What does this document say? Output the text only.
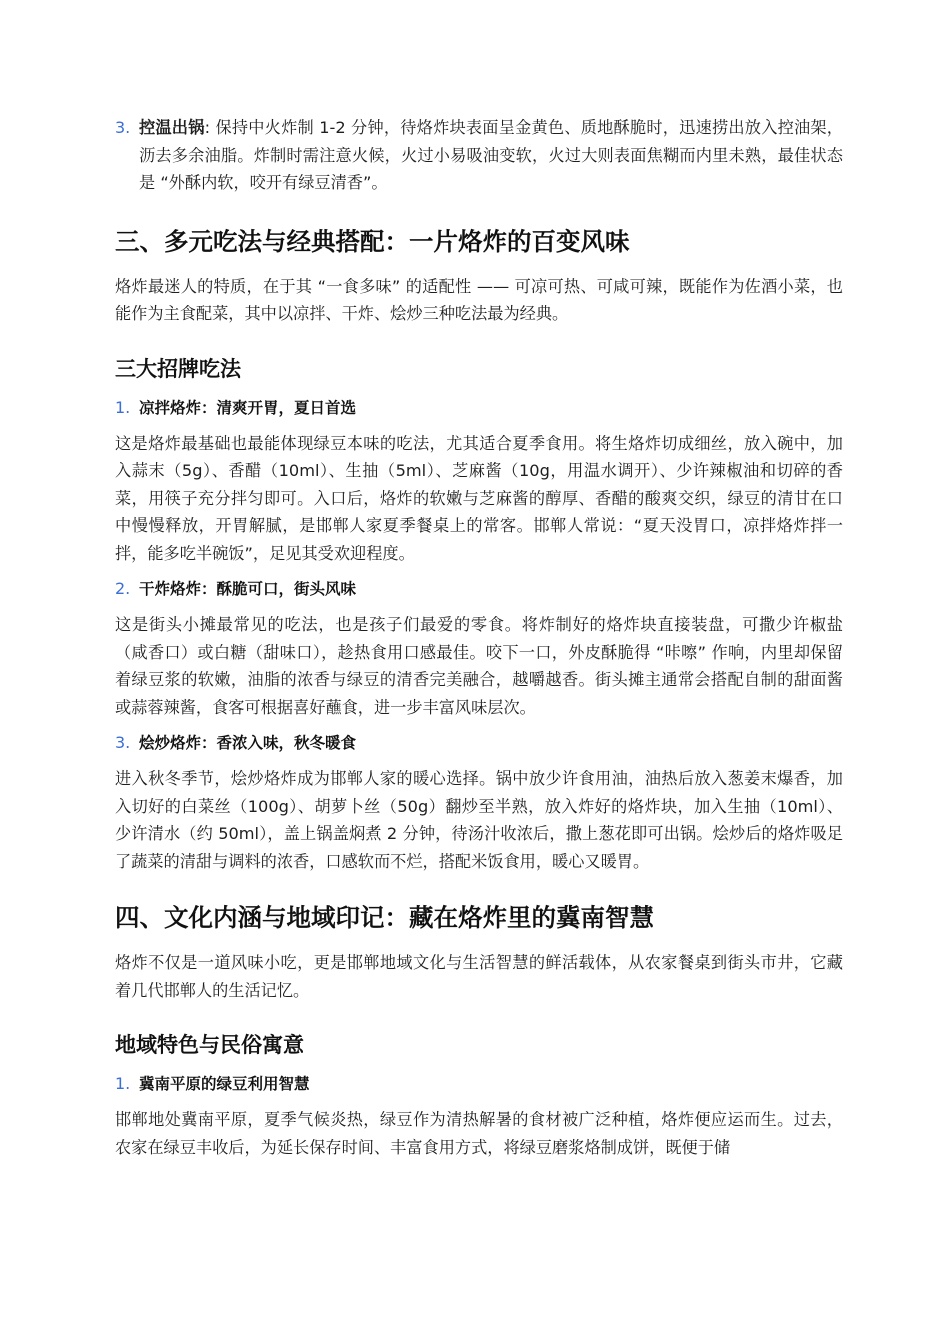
3. 控温出锅: 保持中火炸制 1-2 分钟，待烙炸块表面呈金黄色、质地酥脆时，迅速捞出放入控油架，沥去多余油脂。炸制时需注意火候，火过小易吸油变软，火过大则表面焦糊而内里未熟，最佳状态是 “外酥内软，咬开有绿豆清香”。

三、多元吃法与经典搭配：一片烙炸的百变风味

烙炸最迷人的特质，在于其 “一食多味” 的适配性 —— 可凉可热、可咸可辣，既能作为佐酒小菜，也能作为主食配菜，其中以凉拌、干炸、烩炒三种吃法最为经典。

三大招牌吃法
1. 凉拌烙炸：清爽开胃，夏日首选

这是烙炸最基础也最能体现绿豆本味的吃法，尤其适合夏季食用。将生烙炸切成细丝，放入碗中，加入蒜末（5g）、香醋（10ml）、生抽（5ml）、芝麻酱（10g，用温水调开）、少许辣椒油和切碎的香菜，用筷子充分拌匀即可。入口后，烙炸的软嫩与芝麻酱的醇厚、香醋的酸爽交织，绿豆的清甘在口中慢慢释放，开胃解腻，是邯郸人家夏季餐桌上的常客。邯郸人常说：“夏天没胃口，凉拌烙炸拌一拌，能多吃半碗饭”，足见其受欢迎程度。

2. 干炸烙炸：酥脆可口，街头风味

这是街头小摊最常见的吃法，也是孩子们最爱的零食。将炸制好的烙炸块直接装盘，可撒少许椒盐（咸香口）或白糖（甜味口），趁热食用口感最佳。咬下一口，外皮酥脆得 “咔嚓” 作响，内里却保留着绿豆浆的软嫩，油脂的浓香与绿豆的清香完美融合，越嚼越香。街头摊主通常会搭配自制的甜面酱或蒜蓉辣酱，食客可根据喜好蘸食，进一步丰富风味层次。

3. 烩炒烙炸：香浓入味，秋冬暖食

进入秋冬季节，烩炒烙炸成为邯郸人家的暖心选择。锅中放少许食用油，油热后放入葱姜末爆香，加入切好的白菜丝（100g）、胡萝卜丝（50g）翻炒至半熟，放入炸好的烙炸块，加入生抽（10ml）、少许清水（约 50ml），盖上锅盖焖煮 2 分钟，待汤汁收浓后，撒上葱花即可出锅。烩炒后的烙炸吸足了蔬菜的清甜与调料的浓香，口感软而不烂，搭配米饭食用，暖心又暖胃。

四、文化内涵与地域印记：藏在烙炸里的冀南智慧

烙炸不仅是一道风味小吃，更是邯郸地域文化与生活智慧的鲜活载体，从农家餐桌到街头市井，它藏着几代邯郸人的生活记忆。

地域特色与民俗寓意
1. 冀南平原的绿豆利用智慧

邯郸地处冀南平原，夏季气候炎热，绿豆作为清热解暑的食材被广泛种植，烙炸便应运而生。过去，农家在绿豆丰收后，为延长保存时间、丰富食用方式，将绿豆磨浆烙制成饼，既便于储
